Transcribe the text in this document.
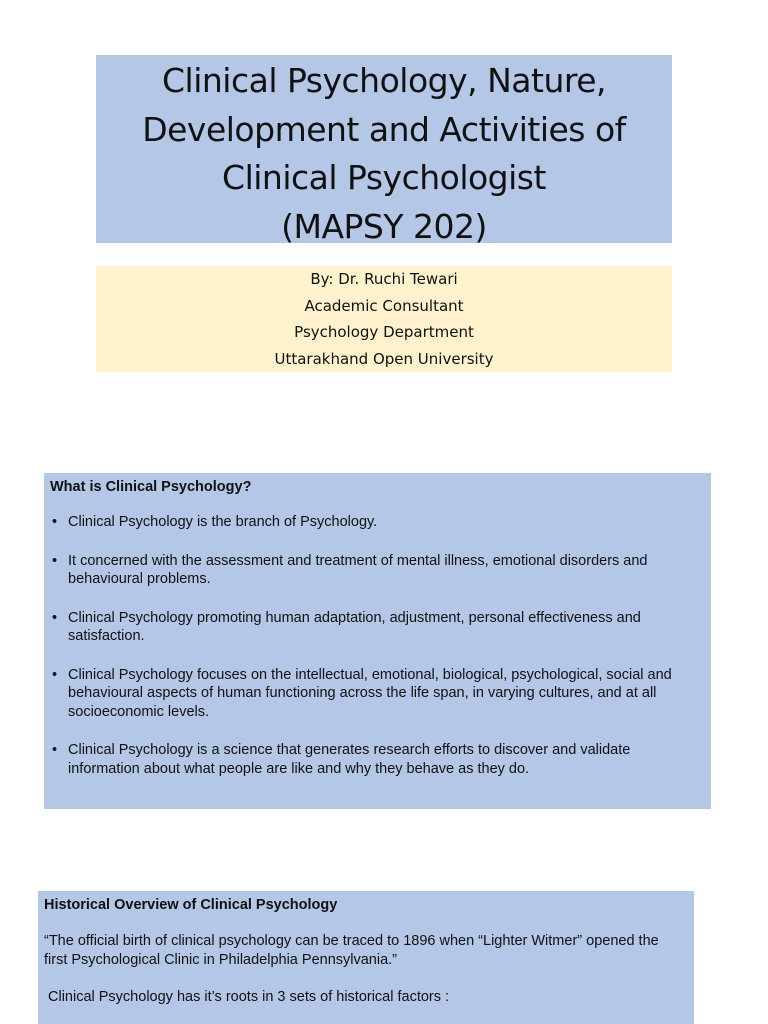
Clinical Psychology, Nature,
Development and Activities of
Clinical Psychologist
(MAPSY 202)
By: Dr. Ruchi Tewari
Academic Consultant
Psychology Department
Uttarakhand Open University

What is Clinical Psychology?

• Clinical Psychology is the branch of Psychology.
• It concerned with the assessment and treatment of mental illness, emotional disorders and behavioural problems.
• Clinical Psychology promoting human adaptation, adjustment, personal effectiveness and satisfaction.
• Clinical Psychology focuses on the intellectual, emotional, biological, psychological, social and behavioural aspects of human functioning across the life span, in varying cultures, and at all socioeconomic levels.
• Clinical Psychology is a science that generates research efforts to discover and validate information about what people are like and why they behave as they do.

Historical Overview of Clinical Psychology

“The official birth of clinical psychology can be traced to 1896 when “Lighter Witmer” opened the first Psychological Clinic in Philadelphia Pennsylvania.”

Clinical Psychology has it’s roots in 3 sets of historical factors :
